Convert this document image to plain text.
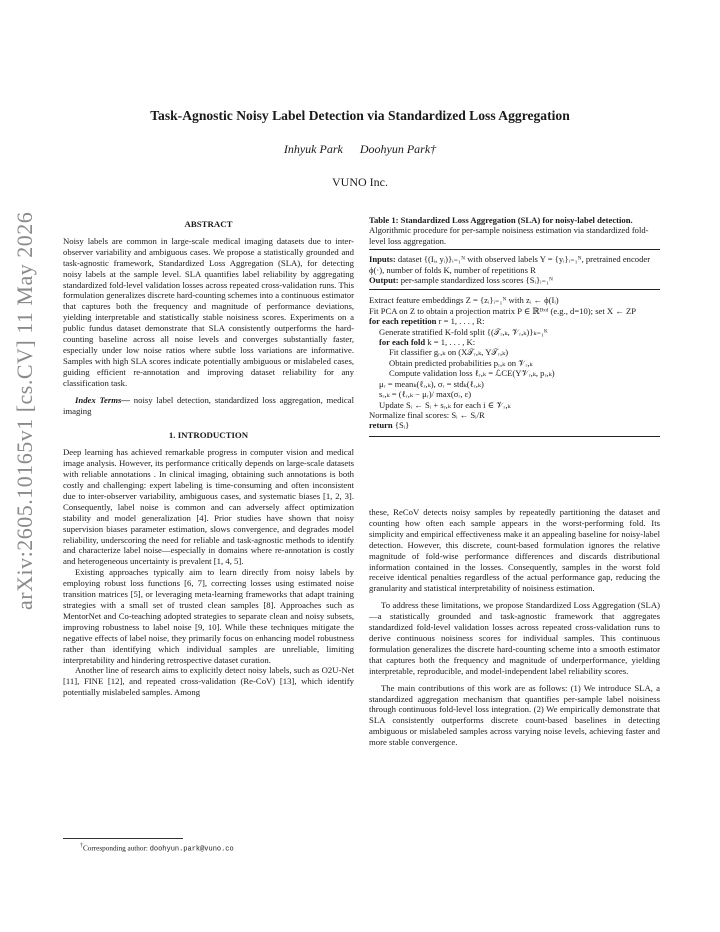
arXiv:2605.10165v1 [cs.CV] 11 May 2026
Task-Agnostic Noisy Label Detection via Standardized Loss Aggregation
Inhyuk Park Doohyun Park†
VUNO Inc.
ABSTRACT

Noisy labels are common in large-scale medical imaging datasets due to inter-observer variability and ambiguous cases. We propose a statistically grounded and task-agnostic framework, Standardized Loss Aggregation (SLA), for detecting noisy labels at the sample level. SLA quantifies label reliability by aggregating standardized fold-level validation losses across repeated cross-validation runs. This formulation generalizes discrete hard-counting schemes into a continuous estimator that captures both the frequency and magnitude of performance deviations, yielding interpretable and statistically stable noisiness scores. Experiments on a public fundus dataset demonstrate that SLA consistently outperforms the hard-counting baseline across all noise levels and converges substantially faster, especially under low noise ratios where subtle loss variations are informative. Samples with high SLA scores indicate potentially ambiguous or mislabeled cases, guiding efficient re-annotation and improving dataset reliability for any classification task.

Index Terms— noisy label detection, standardized loss aggregation, medical imaging

1. INTRODUCTION

Deep learning has achieved remarkable progress in computer vision and medical image analysis. However, its performance critically depends on large-scale datasets with reliable annotations . In clinical imaging, obtaining such annotations is both costly and challenging: expert labeling is time-consuming and often inconsistent due to inter-observer variability, ambiguous cases, and systematic biases [1, 2, 3]. Consequently, label noise is common and can adversely affect optimization stability and model generalization [4]. Prior studies have shown that noisy supervision biases parameter estimation, slows convergence, and degrades model reliability, underscoring the need for reliable and task-agnostic methods to identify and characterize label noise—especially in domains where re-annotation is costly and heterogeneous uncertainty is prevalent [1, 4, 5].

Existing approaches typically aim to learn directly from noisy labels by employing robust loss functions [6, 7], correcting losses using estimated noise transition matrices [5], or leveraging meta-learning frameworks that adapt training strategies with a small set of trusted clean samples [8]. Approaches such as MentorNet and Co-teaching adopted strategies to separate clean and noisy subsets, improving robustness to label noise [9, 10]. While these techniques mitigate the negative effects of label noise, they primarily focus on enhancing model robustness rather than identifying which individual samples are unreliable, limiting interpretability and hindering retrospective dataset curation.

Another line of research aims to explicitly detect noisy labels, such as O2U-Net [11], FINE [12], and repeated cross-validation (Re-CoV) [13], which identify potentially mislabeled samples. Among

†Corresponding author: doohyun.park@vuno.co
Table 1: Standardized Loss Aggregation (SLA) for noisy-label detection. Algorithmic procedure for per-sample noisiness estimation via standardized fold-level loss aggregation.
Inputs: dataset {(Iᵢ, yᵢ)}ᵢ₌₁ᴺ with observed labels Y = {yᵢ}ᵢ₌₁ᴺ, pretrained encoder ϕ(·), number of folds K, number of repetitions R
Output: per-sample standardized loss scores {Sᵢ}ᵢ₌₁ᴺ
Extract feature embeddings Z = {zᵢ}ᵢ₌₁ᴺ with zᵢ ← ϕ(Iᵢ)
Fit PCA on Z to obtain a projection matrix P ∈ ℝᴰˣᵈ (e.g., d=10); set X ← ZP
for each repetition r = 1, . . . , R:
Generate stratified K-fold split {(𝒯ᵣ,ₖ, 𝒱ᵣ,ₖ)}ₖ₌₁ᴷ
for each fold k = 1, . . . , K:
Fit classifier gᵣ,ₖ on (X𝒯ᵣ,ₖ, Y𝒯ᵣ,ₖ)
Obtain predicted probabilities pᵣ,ₖ on 𝒱ᵣ,ₖ
Compute validation loss ℓᵣ,ₖ = ℒCE(Y𝒱ᵣ,ₖ, pᵣ,ₖ)
μᵣ = meanₖ(ℓᵣ,ₖ), σᵣ = stdₖ(ℓᵣ,ₖ)
sᵣ,ₖ = (ℓᵣ,ₖ − μᵣ)/ max(σᵣ, ε)
Update Sᵢ ← Sᵢ + sᵣ,ₖ for each i ∈ 𝒱ᵣ,ₖ
Normalize final scores: Sᵢ ← Sᵢ/R
return {Sᵢ}

these, ReCoV detects noisy samples by repeatedly partitioning the dataset and counting how often each sample appears in the worst-performing fold. Its simplicity and empirical effectiveness make it an appealing baseline for noisy-label detection. However, this discrete, count-based formulation ignores the relative magnitude of fold-wise performance differences and discards distributional information contained in the losses. Consequently, samples in the worst fold receive identical penalties regardless of the actual performance gap, reducing the granularity and statistical interpretability of noisiness estimation.

To address these limitations, we propose Standardized Loss Aggregation (SLA)—a statistically grounded and task-agnostic framework that aggregates standardized fold-level validation losses across repeated cross-validation runs to derive continuous noisiness scores for individual samples. This continuous formulation generalizes the discrete hard-counting scheme into a smooth estimator that captures both the frequency and magnitude of underperformance, yielding interpretable, reproducible, and model-independent label reliability scores.

The main contributions of this work are as follows: (1) We introduce SLA, a standardized aggregation mechanism that quantifies per-sample label noisiness through continuous fold-level loss integration. (2) We empirically demonstrate that SLA consistently outperforms discrete count-based baselines in detecting ambiguous or mislabeled samples across varying noise levels, achieving faster and more stable convergence.
